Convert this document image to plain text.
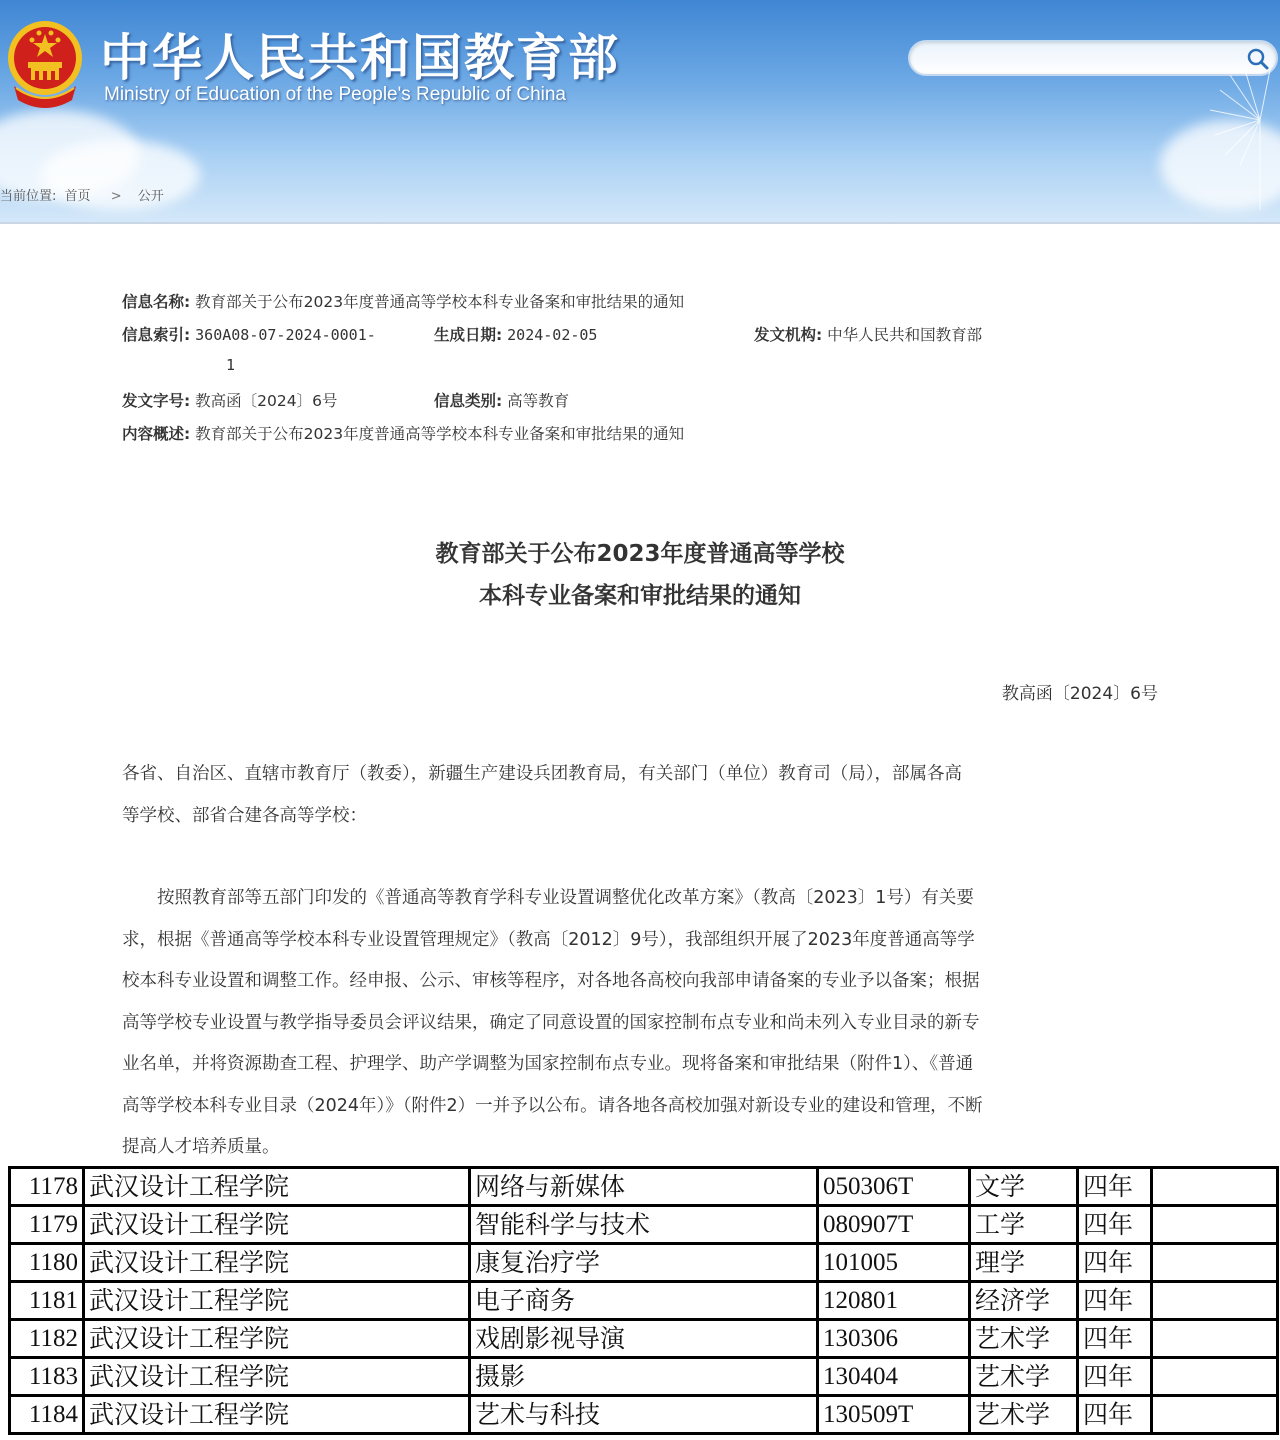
中华人民共和国教育部
Ministry of Education of the People's Republic of China
当前位置: 首页 > 公开
信息名称: 教育部关于公布2023年度普通高等学校本科专业备案和审批结果的通知
信息索引: 360A08-07-2024-0001-	生成日期: 2024-02-05	发文机构: 中华人民共和国教育部
1
发文字号: 教高函〔2024〕6号	信息类别: 高等教育
内容概述: 教育部关于公布2023年度普通高等学校本科专业备案和审批结果的通知
教育部关于公布2023年度普通高等学校
本科专业备案和审批结果的通知
教高函〔2024〕6号
各省、自治区、直辖市教育厅（教委），新疆生产建设兵团教育局，有关部门（单位）教育司（局），部属各高
等学校、部省合建各高等学校：
　　按照教育部等五部门印发的《普通高等教育学科专业设置调整优化改革方案》（教高〔2023〕1号）有关要
求，根据《普通高等学校本科专业设置管理规定》（教高〔2012〕9号），我部组织开展了2023年度普通高等学
校本科专业设置和调整工作。经申报、公示、审核等程序，对各地各高校向我部申请备案的专业予以备案；根据
高等学校专业设置与教学指导委员会评议结果，确定了同意设置的国家控制布点专业和尚未列入专业目录的新专
业名单，并将资源勘查工程、护理学、助产学调整为国家控制布点专业。现将备案和审批结果（附件1）、《普通
高等学校本科专业目录（2024年）》（附件2）一并予以公布。请各地各高校加强对新设专业的建设和管理，不断
提高人才培养质量。
1178	武汉设计工程学院	网络与新媒体	050306T	文学	四年	
1179	武汉设计工程学院	智能科学与技术	080907T	工学	四年	
1180	武汉设计工程学院	康复治疗学	101005	理学	四年	
1181	武汉设计工程学院	电子商务	120801	经济学	四年	
1182	武汉设计工程学院	戏剧影视导演	130306	艺术学	四年	
1183	武汉设计工程学院	摄影	130404	艺术学	四年	
1184	武汉设计工程学院	艺术与科技	130509T	艺术学	四年	
